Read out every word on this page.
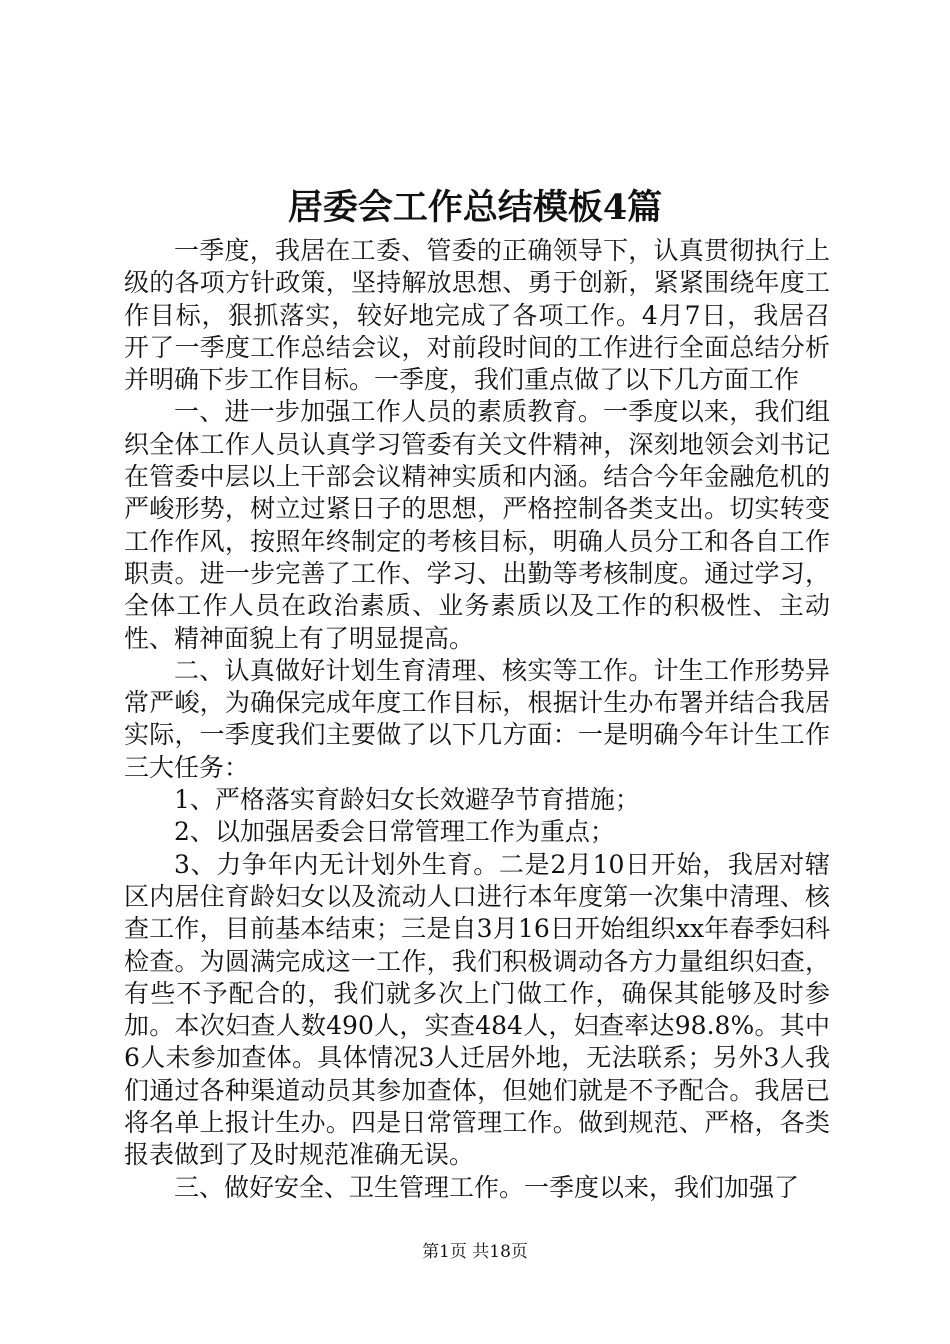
居委会工作总结模板4篇

一季度，我居在工委、管委的正确领导下，认真贯彻执行上级的各项方针政策，坚持解放思想、勇于创新，紧紧围绕年度工作目标，狠抓落实，较好地完成了各项工作。4月7日，我居召开了一季度工作总结会议，对前段时间的工作进行全面总结分析并明确下步工作目标。一季度，我们重点做了以下几方面工作

一、进一步加强工作人员的素质教育。一季度以来，我们组织全体工作人员认真学习管委有关文件精神，深刻地领会刘书记在管委中层以上干部会议精神实质和内涵。结合今年金融危机的严峻形势，树立过紧日子的思想，严格控制各类支出。切实转变工作作风，按照年终制定的考核目标，明确人员分工和各自工作职责。进一步完善了工作、学习、出勤等考核制度。通过学习，全体工作人员在政治素质、业务素质以及工作的积极性、主动性、精神面貌上有了明显提高。

二、认真做好计划生育清理、核实等工作。计生工作形势异常严峻，为确保完成年度工作目标，根据计生办布署并结合我居实际，一季度我们主要做了以下几方面：一是明确今年计生工作三大任务：

1、严格落实育龄妇女长效避孕节育措施；

2、以加强居委会日常管理工作为重点；

3、力争年内无计划外生育。二是2月10日开始，我居对辖区内居住育龄妇女以及流动人口进行本年度第一次集中清理、核查工作，目前基本结束；三是自3月16日开始组织xx年春季妇科检查。为圆满完成这一工作，我们积极调动各方力量组织妇查，有些不予配合的，我们就多次上门做工作，确保其能够及时参加。本次妇查人数490人，实查484人，妇查率达98.8%。其中6人未参加查体。具体情况3人迁居外地，无法联系；另外3人我们通过各种渠道动员其参加查体，但她们就是不予配合。我居已将名单上报计生办。四是日常管理工作。做到规范、严格，各类报表做到了及时规范准确无误。

三、做好安全、卫生管理工作。一季度以来，我们加强了

第1页 共18页
